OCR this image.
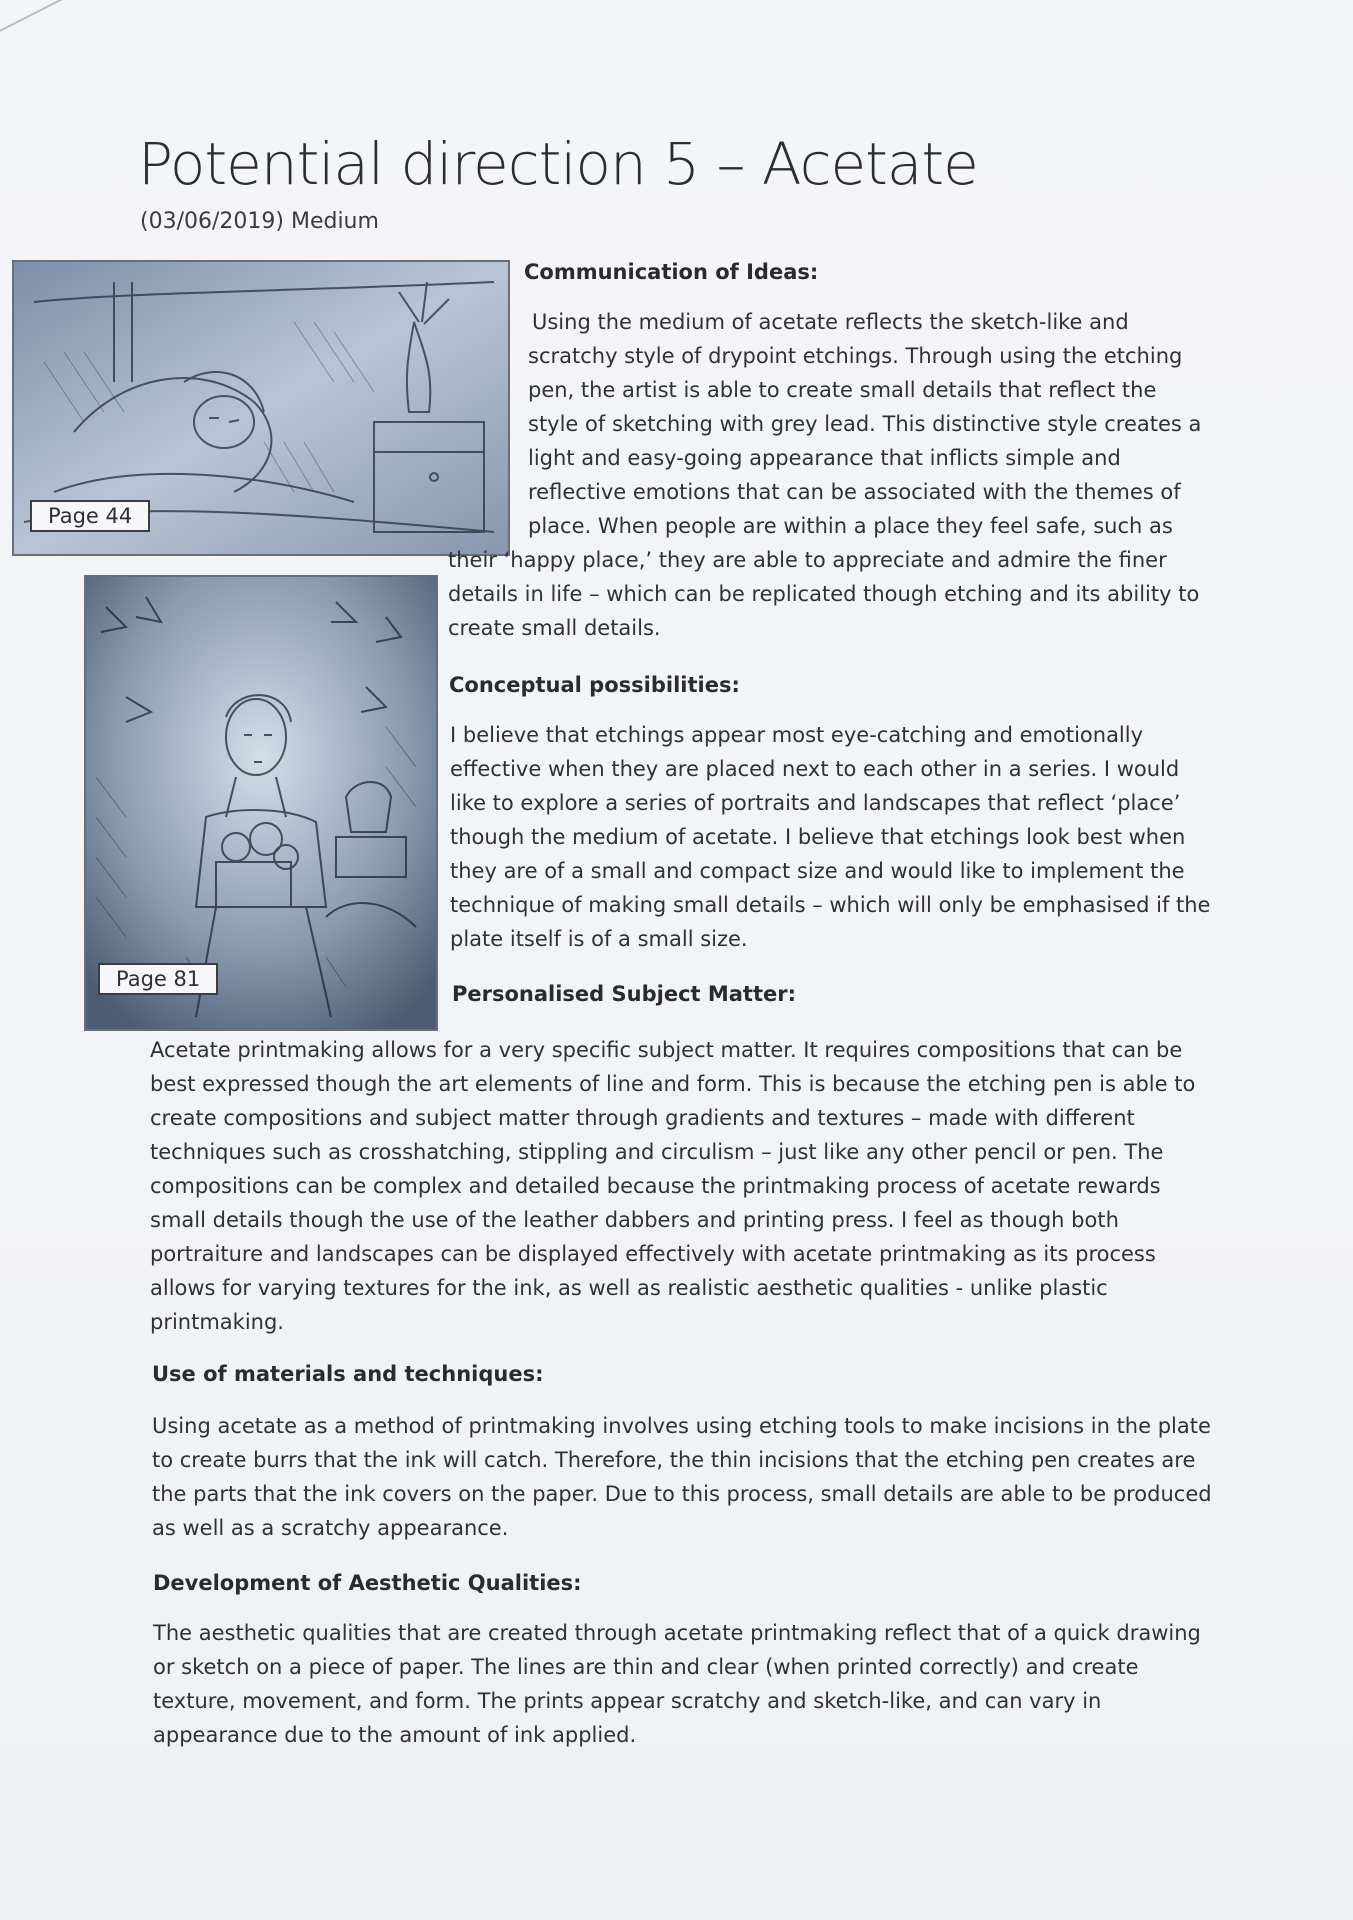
Potential direction 5 – Acetate
(03/06/2019) Medium
Page 44
Page 81
Communication of Ideas:
Using the medium of acetate reflects the sketch-like and
scratchy style of drypoint etchings. Through using the etching
pen, the artist is able to create small details that reflect the
style of sketching with grey lead. This distinctive style creates a
light and easy-going appearance that inflicts simple and
reflective emotions that can be associated with the themes of
place. When people are within a place they feel safe, such as
their ‘happy place,’ they are able to appreciate and admire the finer
details in life – which can be replicated though etching and its ability to
create small details.
Conceptual possibilities:
I believe that etchings appear most eye-catching and emotionally
effective when they are placed next to each other in a series. I would
like to explore a series of portraits and landscapes that reflect ‘place’
though the medium of acetate. I believe that etchings look best when
they are of a small and compact size and would like to implement the
technique of making small details – which will only be emphasised if the
plate itself is of a small size.
Personalised Subject Matter:
Acetate printmaking allows for a very specific subject matter. It requires compositions that can be
best expressed though the art elements of line and form. This is because the etching pen is able to
create compositions and subject matter through gradients and textures – made with different
techniques such as crosshatching, stippling and circulism – just like any other pencil or pen. The
compositions can be complex and detailed because the printmaking process of acetate rewards
small details though the use of the leather dabbers and printing press. I feel as though both
portraiture and landscapes can be displayed effectively with acetate printmaking as its process
allows for varying textures for the ink, as well as realistic aesthetic qualities - unlike plastic
printmaking.
Use of materials and techniques:
Using acetate as a method of printmaking involves using etching tools to make incisions in the plate
to create burrs that the ink will catch. Therefore, the thin incisions that the etching pen creates are
the parts that the ink covers on the paper. Due to this process, small details are able to be produced
as well as a scratchy appearance.
Development of Aesthetic Qualities:
The aesthetic qualities that are created through acetate printmaking reflect that of a quick drawing
or sketch on a piece of paper. The lines are thin and clear (when printed correctly) and create
texture, movement, and form. The prints appear scratchy and sketch-like, and can vary in
appearance due to the amount of ink applied.
